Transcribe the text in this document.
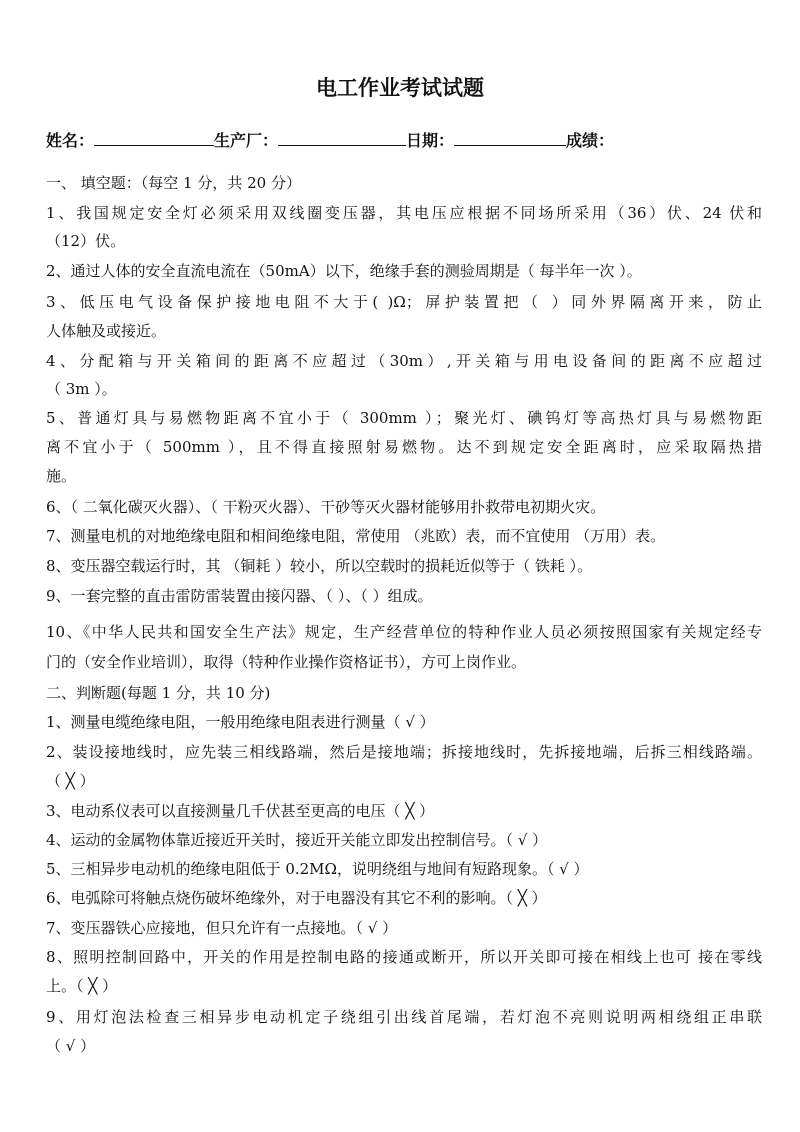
电工作业考试试题
姓名：	生产厂：	日期：	成绩：
一、 填空题：（每空 1 分，共 20 分）
1、我国规定安全灯必须采用双线圈变压器，其电压应根据不同场所采用（36）伏、24 伏和
（12）伏。
2、通过人体的安全直流电流在（50mA）以下，绝缘手套的测验周期是（ 每半年一次 ）。
3、低压电气设备保护接地电阻不大于( )Ω；屏护装置把（ ）同外界隔离开来，防止
人体触及或接近。
4、分配箱与开关箱间的距离不应超过（30m）,开关箱与用电设备间的距离不应超过
（ 3m ）。
5、普通灯具与易燃物距离不宜小于（ 300mm ）；聚光灯、碘钨灯等高热灯具与易燃物距
离不宜小于（ 500mm ），且不得直接照射易燃物。达不到规定安全距离时，应采取隔热措
施。
6、（ 二氧化碳灭火器）、（ 干粉灭火器）、干砂等灭火器材能够用扑救带电初期火灾。
7、测量电机的对地绝缘电阻和相间绝缘电阻，常使用 （兆欧）表，而不宜使用 （万用）表。
8、变压器空载运行时，其 （铜耗 ）较小，所以空载时的损耗近似等于（ 铁耗 ）。
9、一套完整的直击雷防雷装置由接闪器、（ ）、（ ）组成。
10、《中华人民共和国安全生产法》规定，生产经营单位的特种作业人员必须按照国家有关规定经专
门的（安全作业培训），取得（特种作业操作资格证书），方可上岗作业。
二、判断题(每题 1 分，共 10 分)
1、测量电缆绝缘电阻，一般用绝缘电阻表进行测量（ √ ）
2、装设接地线时，应先装三相线路端，然后是接地端；拆接地线时，先拆接地端，后拆三相线路端。
（ ╳ ）
3、电动系仪表可以直接测量几千伏甚至更高的电压（ ╳ ）
4、运动的金属物体靠近接近开关时，接近开关能立即发出控制信号。（ √ ）
5、三相异步电动机的绝缘电阻低于 0.2MΩ，说明绕组与地间有短路现象。（ √ ）
6、电弧除可将触点烧伤破坏绝缘外，对于电器没有其它不利的影响。（ ╳ ）
7、变压器铁心应接地，但只允许有一点接地。（ √ ）
8、照明控制回路中，开关的作用是控制电路的接通或断开，所以开关即可接在相线上也可 接在零线
上。（ ╳ ）
9、用灯泡法检查三相异步电动机定子绕组引出线首尾端，若灯泡不亮则说明两相绕组正串联
（ √ ）
